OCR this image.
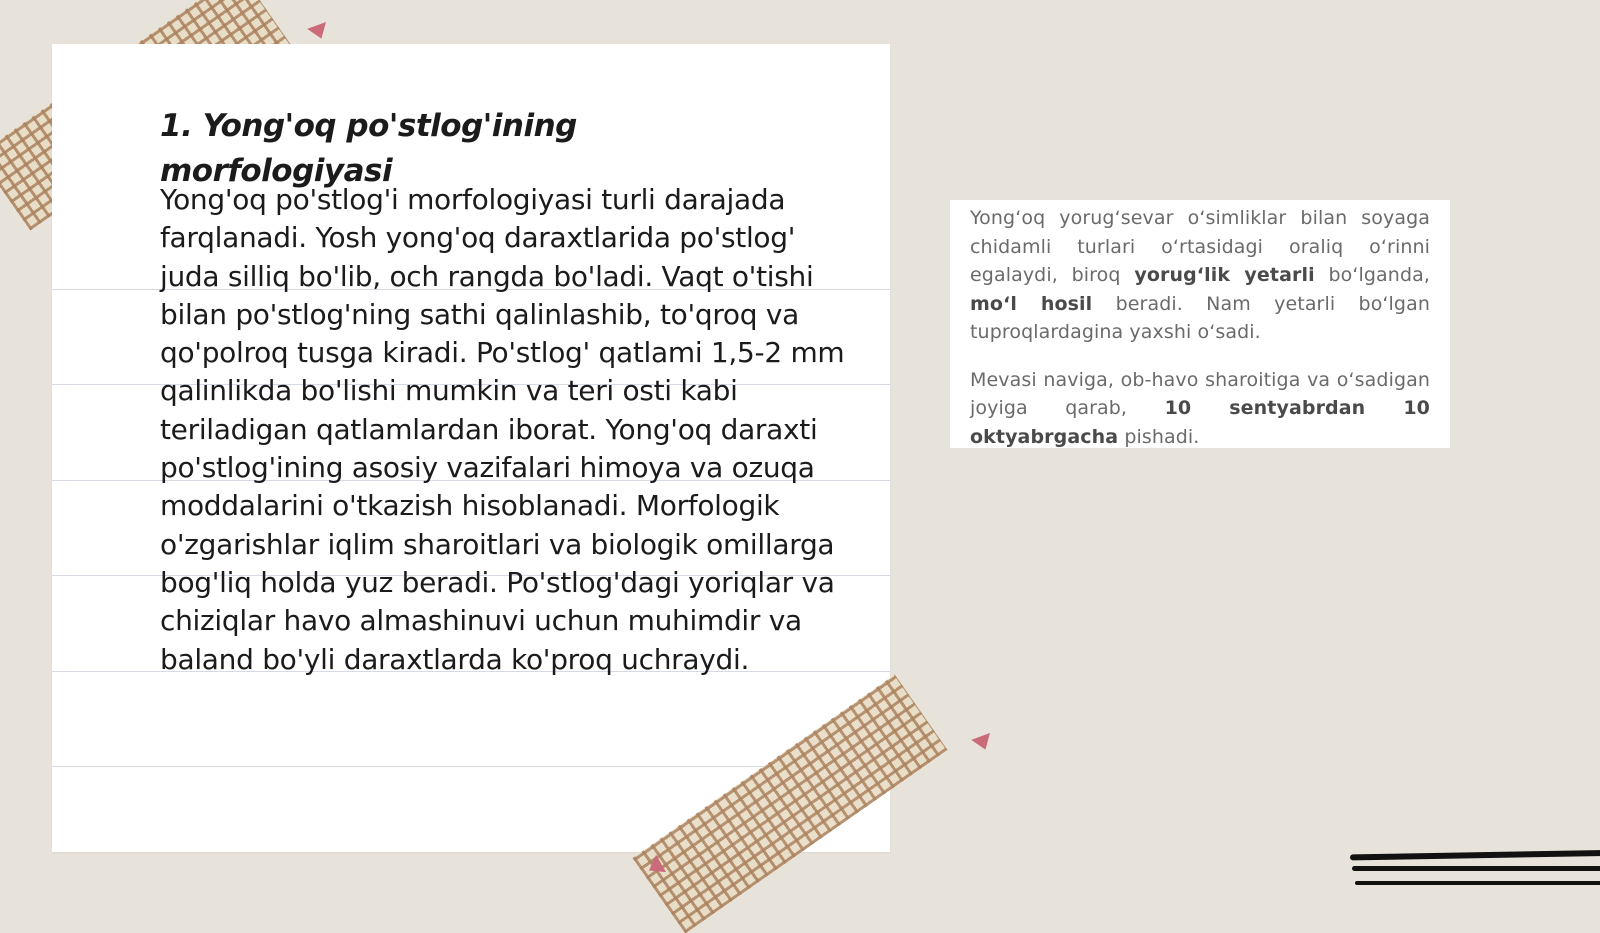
1. Yong'oq po'stlog'ining morfologiyasi

Yong'oq po'stlog'i morfologiyasi turli darajada farqlanadi. Yosh yong'oq daraxtlarida po'stlog' juda silliq bo'lib, och rangda bo'ladi. Vaqt o'tishi bilan po'stlog'ning sathi qalinlashib, to'qroq va qo'polroq tusga kiradi. Po'stlog' qatlami 1,5-2 mm qalinlikda bo'lishi mumkin va teri osti kabi teriladigan qatlamlardan iborat. Yong'oq daraxti po'stlog'ining asosiy vazifalari himoya va ozuqa moddalarini o'tkazish hisoblanadi. Morfologik o'zgarishlar iqlim sharoitlari va biologik omillarga bog'liq holda yuz beradi. Po'stlog'dagi yoriqlar va chiziqlar havo almashinuvi uchun muhimdir va baland bo'yli daraxtlarda ko'proq uchraydi.

Yong‘oq yorug‘sevar o‘simliklar bilan soyaga chidamli turlari o‘rtasidagi oraliq o‘rinni egalaydi, biroq yorug‘lik yetarli bo‘lganda, mo‘l hosil beradi. Nam yetarli bo‘lgan tuproqlardagina yaxshi o‘sadi.

Mevasi naviga, ob-havo sharoitiga va o‘sadigan joyiga qarab, 10 sentyabrdan 10 oktyabrgacha pishadi.
